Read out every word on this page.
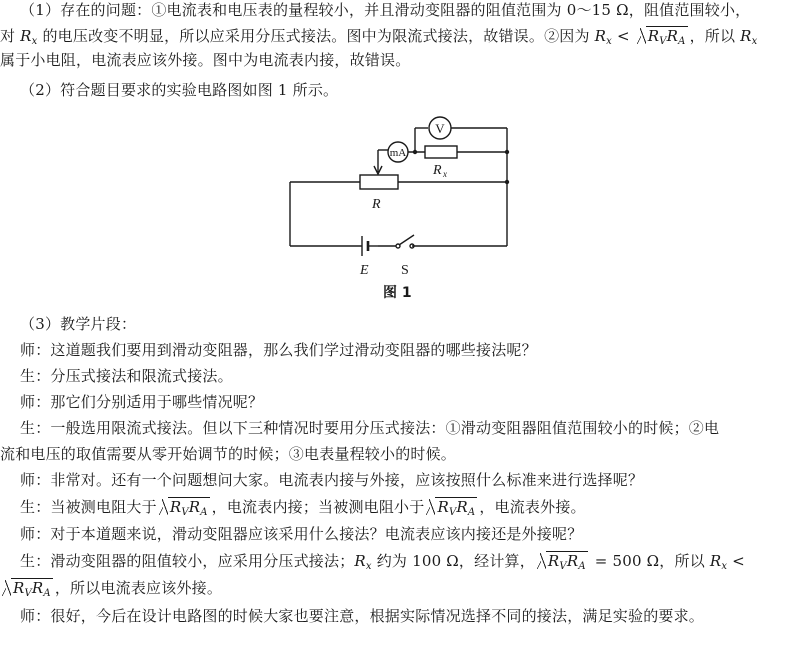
（1）存在的问题：①电流表和电压表的量程较小，并且滑动变阻器的阻值范围为 0～15 Ω，阻值范围较小，
对 $R_x$ 的电压改变不明显，所以应采用分压式接法。图中为限流式接法，故错误。②因为 $R_x < R_VR_A$ ，所以 $R_x$
属于小电阻，电流表应该外接。图中为电流表内接，故错误。
（2）符合题目要求的实验电路图如图 1 所示。
V
mA
R x
R
E S
图 1
（3）教学片段：
师：这道题我们要用到滑动变阻器，那么我们学过滑动变阻器的哪些接法呢？
生：分压式接法和限流式接法。
师：那它们分别适用于哪些情况呢？
生：一般选用限流式接法。但以下三种情况时要用分压式接法：①滑动变阻器阻值范围较小的时候；②电
流和电压的取值需要从零开始调节的时候；③电表量程较小的时候。
师：非常对。还有一个问题想问大家。电流表内接与外接，应该按照什么标准来进行选择呢？
生：当被测电阻大于 $R_VR_A$ ，电流表内接；当被测电阻小于 $R_VR_A$ ，电流表外接。
师：对于本道题来说，滑动变阻器应该采用什么接法？电流表应该内接还是外接呢？
生：滑动变阻器的阻值较小，应采用分压式接法；$R_x$ 约为 100 Ω，经计算， $R_VR_A = 500$ Ω，所以 $R_x$ <
$R_VR_A$ ，所以电流表应该外接。
师：很好，今后在设计电路图的时候大家也要注意，根据实际情况选择不同的接法，满足实验的要求。
